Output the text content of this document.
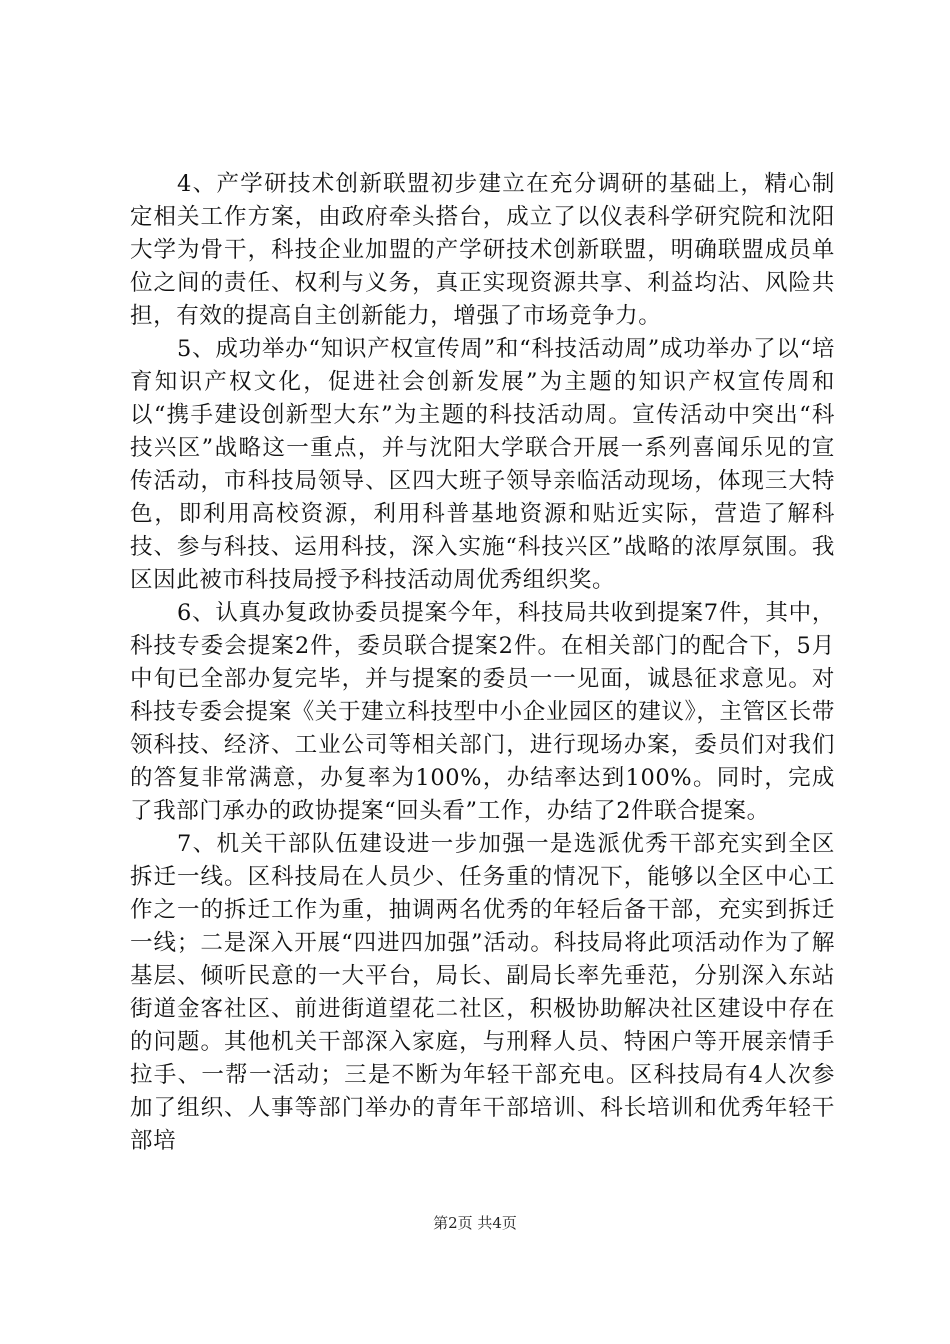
4、产学研技术创新联盟初步建立在充分调研的基础上，精心制定相关工作方案，由政府牵头搭台，成立了以仪表科学研究院和沈阳大学为骨干，科技企业加盟的产学研技术创新联盟，明确联盟成员单位之间的责任、权利与义务，真正实现资源共享、利益均沾、风险共担，有效的提高自主创新能力，增强了市场竞争力。

5、成功举办“知识产权宣传周”和“科技活动周”成功举办了以“培育知识产权文化，促进社会创新发展”为主题的知识产权宣传周和以“携手建设创新型大东”为主题的科技活动周。宣传活动中突出“科技兴区”战略这一重点，并与沈阳大学联合开展一系列喜闻乐见的宣传活动，市科技局领导、区四大班子领导亲临活动现场，体现三大特色，即利用高校资源，利用科普基地资源和贴近实际，营造了解科技、参与科技、运用科技，深入实施“科技兴区”战略的浓厚氛围。我区因此被市科技局授予科技活动周优秀组织奖。

6、认真办复政协委员提案今年，科技局共收到提案7件，其中，科技专委会提案2件，委员联合提案2件。在相关部门的配合下，5月中旬已全部办复完毕，并与提案的委员一一见面，诚恳征求意见。对科技专委会提案《关于建立科技型中小企业园区的建议》，主管区长带领科技、经济、工业公司等相关部门，进行现场办案，委员们对我们的答复非常满意，办复率为100%，办结率达到100%。同时，完成了我部门承办的政协提案“回头看”工作，办结了2件联合提案。

7、机关干部队伍建设进一步加强一是选派优秀干部充实到全区拆迁一线。区科技局在人员少、任务重的情况下，能够以全区中心工作之一的拆迁工作为重，抽调两名优秀的年轻后备干部，充实到拆迁一线；二是深入开展“四进四加强”活动。科技局将此项活动作为了解基层、倾听民意的一大平台，局长、副局长率先垂范，分别深入东站街道金客社区、前进街道望花二社区，积极协助解决社区建设中存在的问题。其他机关干部深入家庭，与刑释人员、特困户等开展亲情手拉手、一帮一活动；三是不断为年轻干部充电。区科技局有4人次参加了组织、人事等部门举办的青年干部培训、科长培训和优秀年轻干部培

第2页 共4页
